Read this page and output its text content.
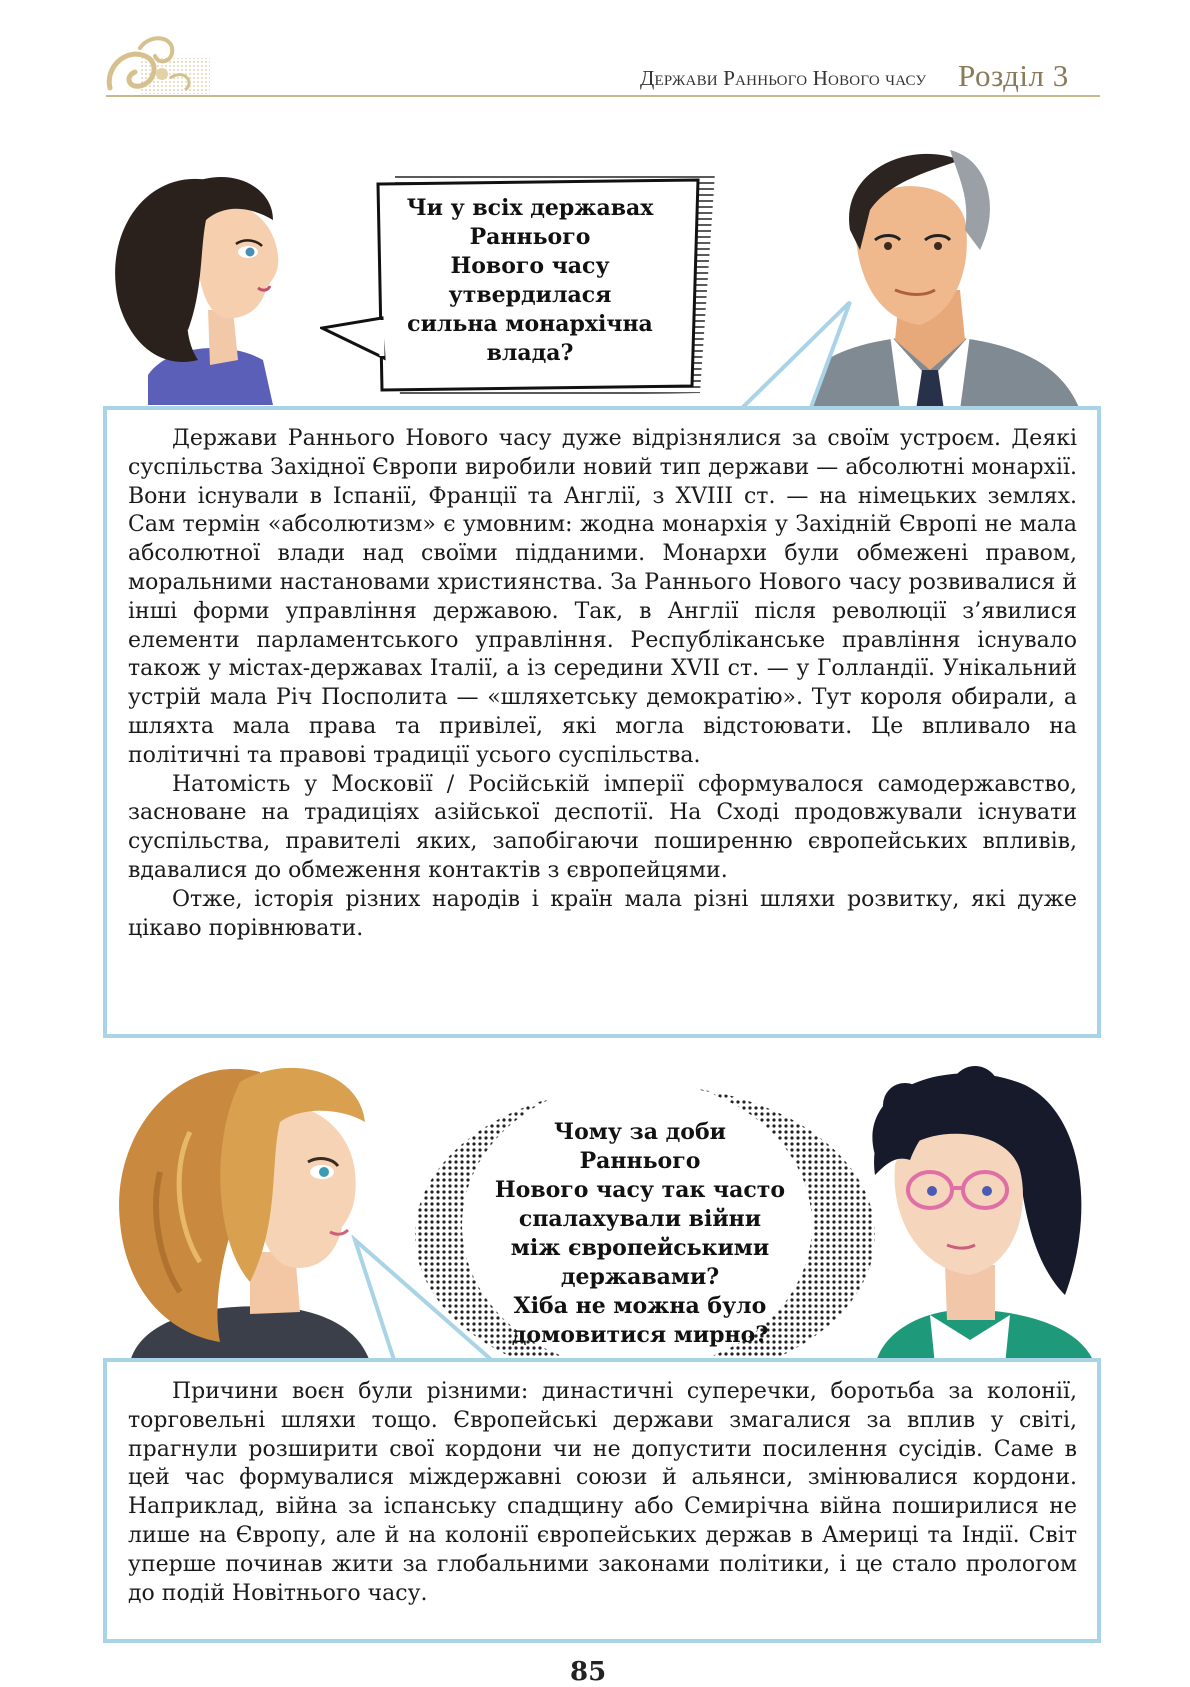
Держави Раннього Нового часу Розділ 3
Чи у всіх державах
Раннього
Нового часу
утвердилася
сильна монархічна
влада?

Держави Раннього Нового часу дуже відрізнялися за своїм устроєм. Деякі суспільства Західної Європи виробили новий тип держави — абсолютні монархії. Вони існували в Іспанії, Франції та Англії, з XVIII ст. — на німецьких землях. Сам термін «абсолютизм» є умовним: жодна монархія у Західній Європі не мала абсолютної влади над своїми підданими. Монархи були обмежені правом, моральними настановами християнства. За Раннього Нового часу розвивалися й інші форми управління державою. Так, в Англії після революції з’явилися елементи парламентського управління. Республіканське правління існувало також у містах-державах Італії, а із середини XVII ст. — у Голландії. Унікальний устрій мала Річ Посполита — «шляхетську демократію». Тут короля обирали, а шляхта мала права та привілеї, які могла відстоювати. Це впливало на політичні та правові традиції усього суспільства.

Натомість у Московії / Російській імперії сформувалося самодержавство, засноване на традиціях азійської деспотії. На Сході продовжували існувати суспільства, правителі яких, запобігаючи поширенню європейських впливів, вдавалися до обмеження контактів з європейцями.

Отже, історія різних народів і країн мала різні шляхи розвитку, які дуже цікаво порівнювати.

Чому за доби
Раннього
Нового часу так часто
спалахували війни
між європейськими
державами?
Хіба не можна було
домовитися мирно?

Причини воєн були різними: династичні суперечки, боротьба за колонії, торговельні шляхи тощо. Європейські держави змагалися за вплив у світі, прагнули розширити свої кордони чи не допустити посилення сусідів. Саме в цей час формувалися міждержавні союзи й альянси, змінювалися кордони. Наприклад, війна за іспанську спадщину або Семирічна війна поширилися не лише на Європу, але й на колонії європейських держав в Америці та Індії. Світ уперше починав жити за глобальними законами політики, і це стало прологом до подій Новітнього часу.

85
